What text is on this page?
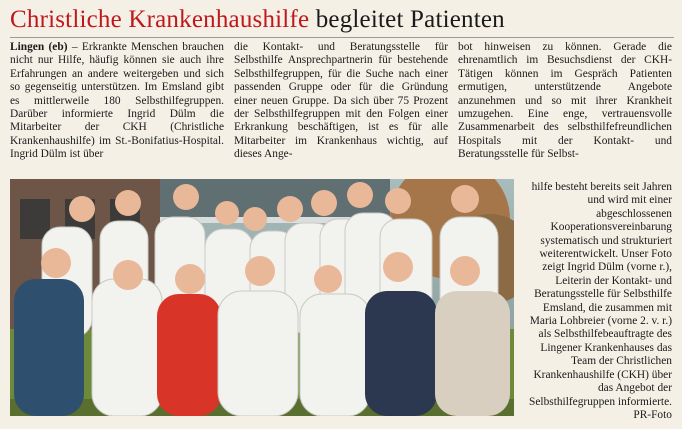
Christliche Krankenhaushilfe begleitet Patienten

Lingen (eb) – Erkrankte Menschen brauchen nicht nur Hilfe, häufig können sie auch ihre Erfahrungen an andere weitergeben und sich so gegenseitig unterstützen. Im Emsland gibt es mittlerweile 180 Selbsthilfegruppen. Darüber informierte Ingrid Dülm die Mitarbeiter der CKH (Christliche Krankenhaushilfe) im St.-Bonifatius-Hospital. Ingrid Dülm ist über

die Kontakt- und Beratungsstelle für Selbsthilfe Ansprechpartnerin für bestehende Selbsthilfegruppen, für die Suche nach einer passenden Gruppe oder für die Gründung einer neuen Gruppe. Da sich über 75 Prozent der Selbsthilfegruppen mit den Folgen einer Erkrankung beschäftigen, ist es für alle Mitarbeiter im Krankenhaus wichtig, auf dieses Ange-

bot hinweisen zu können. Gerade die ehrenamtlich im Besuchsdienst der CKH-Tätigen können im Gespräch Patienten ermutigen, unterstützende Angebote anzunehmen und so mit ihrer Krankheit umzugehen. Eine enge, vertrauensvolle Zusammenarbeit des selbsthilfefreundlichen Hospitals mit der Kontakt- und Beratungsstelle für Selbst-

hilfe besteht bereits seit Jahren und wird mit einer abgeschlossenen Kooperationsvereinbarung systematisch und strukturiert weiterentwickelt. Unser Foto zeigt Ingrid Dülm (vorne r.), Leiterin der Kontakt- und Beratungsstelle für Selbsthilfe Emsland, die zusammen mit Maria Lohbreier (vorne 2. v. r.) als Selbsthilfebeauftragte des Lingener Krankenhauses das Team der Christlichen Krankenhaushilfe (CKH) über das Angebot der Selbsthilfegruppen informierte. PR-Foto
